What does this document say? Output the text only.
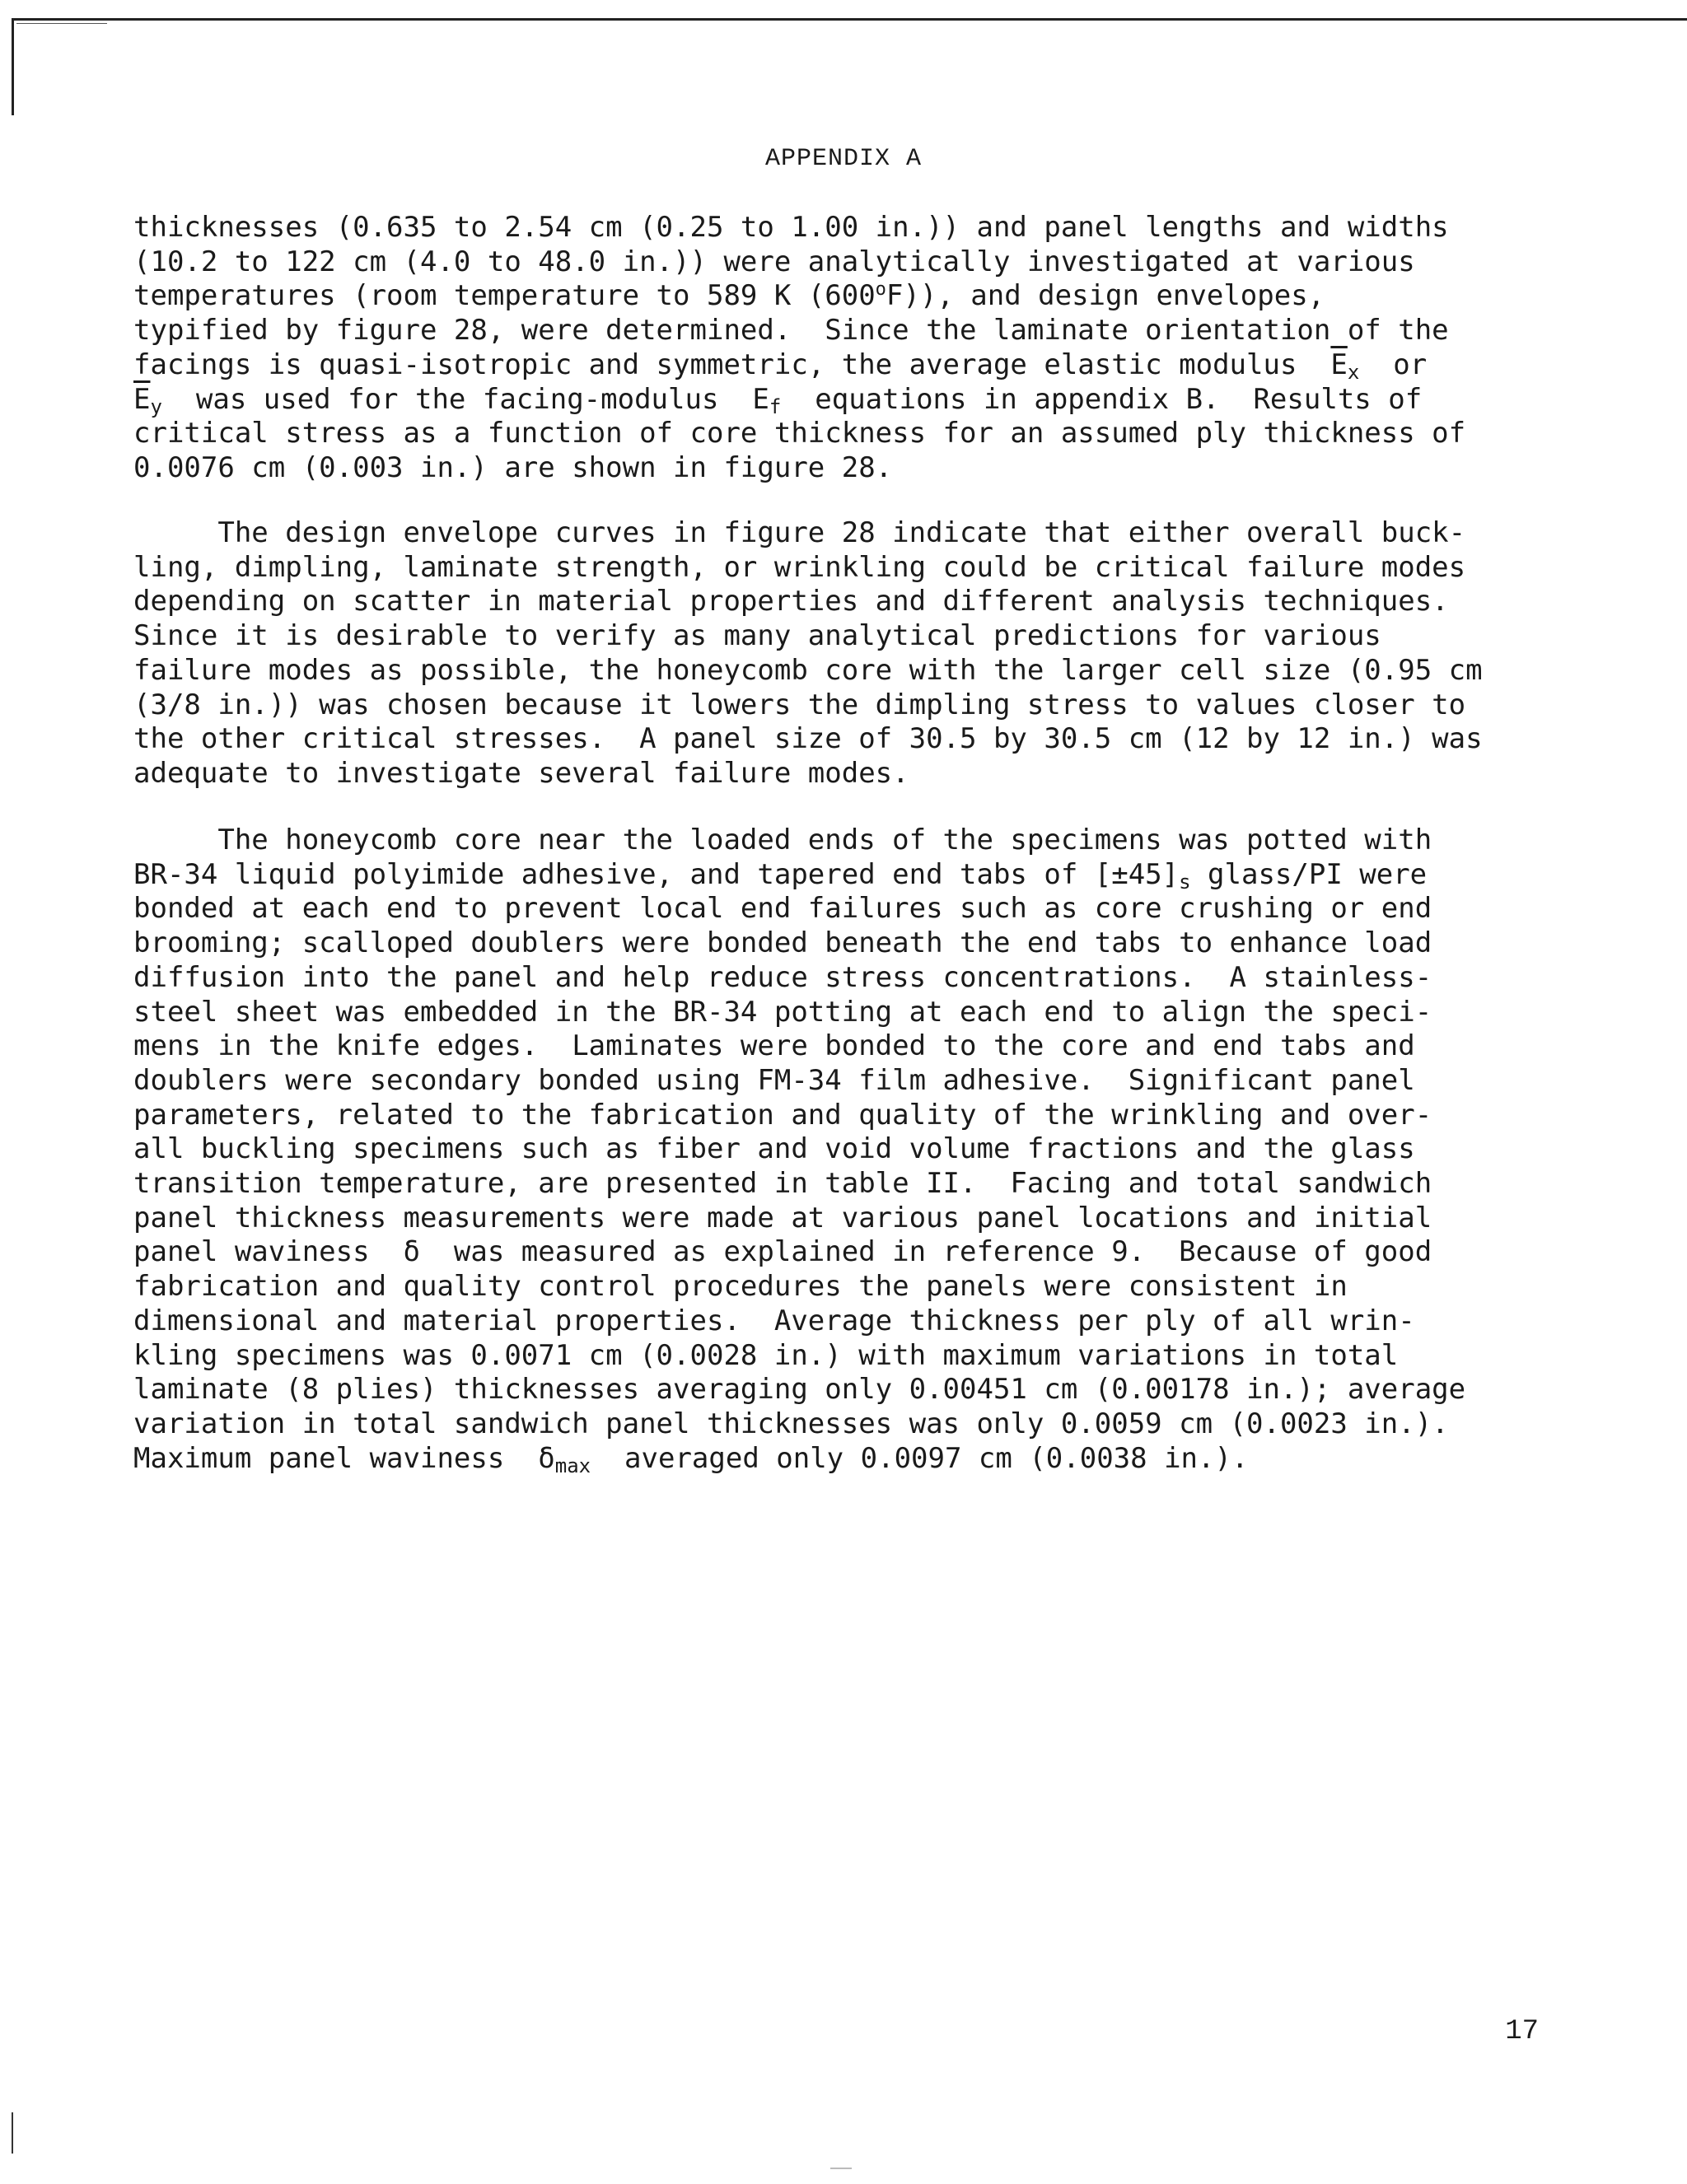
APPENDIX A
thicknesses (0.635 to 2.54 cm (0.25 to 1.00 in.)) and panel lengths and widths
(10.2 to 122 cm (4.0 to 48.0 in.)) were analytically investigated at various
temperatures (room temperature to 589 K (600$^o$F)), and design envelopes,
typified by figure 28, were determined.  Since the laminate orientation of the
facings is quasi-isotropic and symmetric, the average elastic modulus  $E_x$  or
$E_y$  was used for the facing-modulus  $E_f$  equations in appendix B.  Results of
critical stress as a function of core thickness for an assumed ply thickness of
0.0076 cm (0.003 in.) are shown in figure 28.
The design envelope curves in figure 28 indicate that either overall buck-
ling, dimpling, laminate strength, or wrinkling could be critical failure modes
depending on scatter in material properties and different analysis techniques.
Since it is desirable to verify as many analytical predictions for various
failure modes as possible, the honeycomb core with the larger cell size (0.95 cm
(3/8 in.)) was chosen because it lowers the dimpling stress to values closer to
the other critical stresses.  A panel size of 30.5 by 30.5 cm (12 by 12 in.) was
adequate to investigate several failure modes.
The honeycomb core near the loaded ends of the specimens was potted with
BR-34 liquid polyimide adhesive, and tapered end tabs of $[\pm 45]_s$ glass/PI were
bonded at each end to prevent local end failures such as core crushing or end
brooming; scalloped doublers were bonded beneath the end tabs to enhance load
diffusion into the panel and help reduce stress concentrations.  A stainless-
steel sheet was embedded in the BR-34 potting at each end to align the speci-
mens in the knife edges.  Laminates were bonded to the core and end tabs and
doublers were secondary bonded using FM-34 film adhesive.  Significant panel
parameters, related to the fabrication and quality of the wrinkling and over-
all buckling specimens such as fiber and void volume fractions and the glass
transition temperature, are presented in table II.  Facing and total sandwich
panel thickness measurements were made at various panel locations and initial
panel waviness  δ  was measured as explained in reference 9.  Because of good
fabrication and quality control procedures the panels were consistent in
dimensional and material properties.  Average thickness per ply of all wrin-
kling specimens was 0.0071 cm (0.0028 in.) with maximum variations in total
laminate (8 plies) thicknesses averaging only 0.00451 cm (0.00178 in.); average
variation in total sandwich panel thicknesses was only 0.0059 cm (0.0023 in.).
Maximum panel waviness  $\delta_{max}$  averaged only 0.0097 cm (0.0038 in.).
17
